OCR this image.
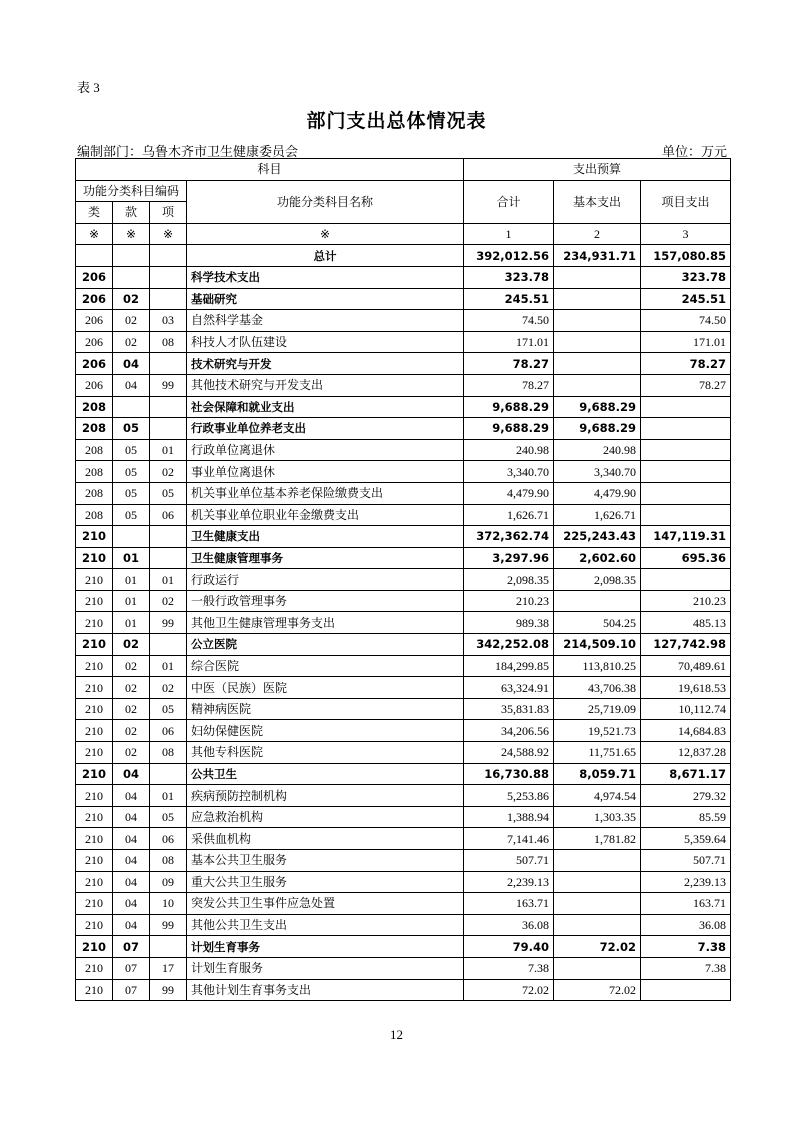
表 3
部门支出总体情况表
编制部门：乌鲁木齐市卫生健康委员会	单位：万元
科目				支出预算		
功能分类科目编码			功能分类科目名称	合计	基本支出	项目支出
类	款	项				
※	※	※	※	1	2	3
			总计	392,012.56	234,931.71	157,080.85
206			科学技术支出	323.78		323.78
206	02		基础研究	245.51		245.51
206	02	03	自然科学基金	74.50		74.50
206	02	08	科技人才队伍建设	171.01		171.01
206	04		技术研究与开发	78.27		78.27
206	04	99	其他技术研究与开发支出	78.27		78.27
208			社会保障和就业支出	9,688.29	9,688.29	
208	05		行政事业单位养老支出	9,688.29	9,688.29	
208	05	01	行政单位离退休	240.98	240.98	
208	05	02	事业单位离退休	3,340.70	3,340.70	
208	05	05	机关事业单位基本养老保险缴费支出	4,479.90	4,479.90	
208	05	06	机关事业单位职业年金缴费支出	1,626.71	1,626.71	
210			卫生健康支出	372,362.74	225,243.43	147,119.31
210	01		卫生健康管理事务	3,297.96	2,602.60	695.36
210	01	01	行政运行	2,098.35	2,098.35	
210	01	02	一般行政管理事务	210.23		210.23
210	01	99	其他卫生健康管理事务支出	989.38	504.25	485.13
210	02		公立医院	342,252.08	214,509.10	127,742.98
210	02	01	综合医院	184,299.85	113,810.25	70,489.61
210	02	02	中医（民族）医院	63,324.91	43,706.38	19,618.53
210	02	05	精神病医院	35,831.83	25,719.09	10,112.74
210	02	06	妇幼保健医院	34,206.56	19,521.73	14,684.83
210	02	08	其他专科医院	24,588.92	11,751.65	12,837.28
210	04		公共卫生	16,730.88	8,059.71	8,671.17
210	04	01	疾病预防控制机构	5,253.86	4,974.54	279.32
210	04	05	应急救治机构	1,388.94	1,303.35	85.59
210	04	06	采供血机构	7,141.46	1,781.82	5,359.64
210	04	08	基本公共卫生服务	507.71		507.71
210	04	09	重大公共卫生服务	2,239.13		2,239.13
210	04	10	突发公共卫生事件应急处置	163.71		163.71
210	04	99	其他公共卫生支出	36.08		36.08
210	07		计划生育事务	79.40	72.02	7.38
210	07	17	计划生育服务	7.38		7.38
210	07	99	其他计划生育事务支出	72.02	72.02	
12
